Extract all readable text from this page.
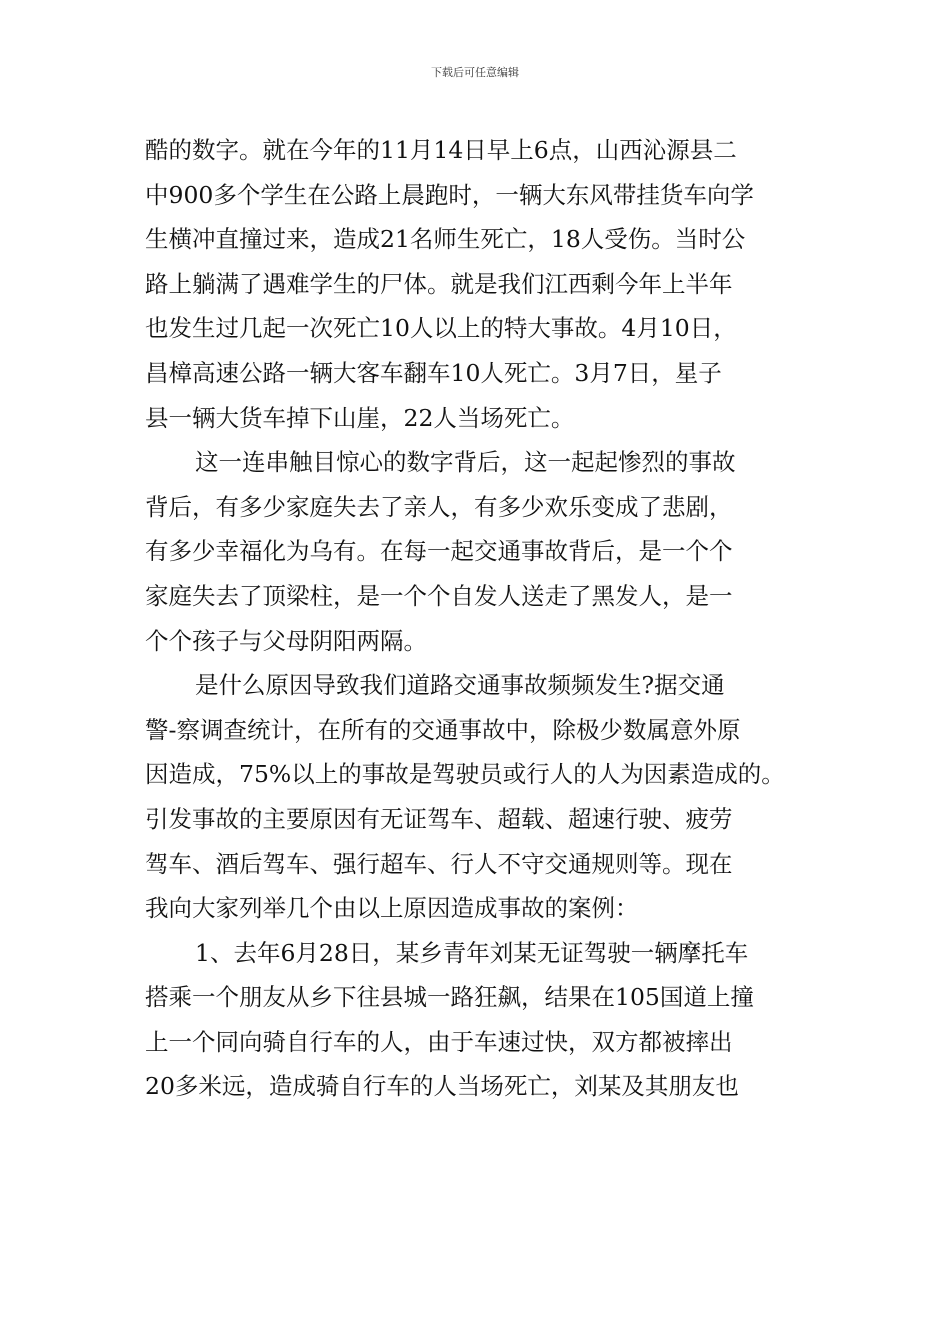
下载后可任意编辑
酷的数字。就在今年的11月14日早上6点，山西沁源县二
中900多个学生在公路上晨跑时，一辆大东风带挂货车向学
生横冲直撞过来，造成21名师生死亡，18人受伤。当时公
路上躺满了遇难学生的尸体。就是我们江西剩今年上半年
也发生过几起一次死亡10人以上的特大事故。4月10日，
昌樟高速公路一辆大客车翻车10人死亡。3月7日，星子
县一辆大货车掉下山崖，22人当场死亡。
这一连串触目惊心的数字背后，这一起起惨烈的事故
背后，有多少家庭失去了亲人，有多少欢乐变成了悲剧，
有多少幸福化为乌有。在每一起交通事故背后，是一个个
家庭失去了顶梁柱，是一个个自发人送走了黑发人，是一
个个孩子与父母阴阳两隔。
是什么原因导致我们道路交通事故频频发生?据交通
警-察调查统计，在所有的交通事故中，除极少数属意外原
因造成，75%以上的事故是驾驶员或行人的人为因素造成的。
引发事故的主要原因有无证驾车、超载、超速行驶、疲劳
驾车、酒后驾车、强行超车、行人不守交通规则等。现在
我向大家列举几个由以上原因造成事故的案例：
1、去年6月28日，某乡青年刘某无证驾驶一辆摩托车
搭乘一个朋友从乡下往县城一路狂飙，结果在105国道上撞
上一个同向骑自行车的人，由于车速过快，双方都被摔出
20多米远，造成骑自行车的人当场死亡，刘某及其朋友也
